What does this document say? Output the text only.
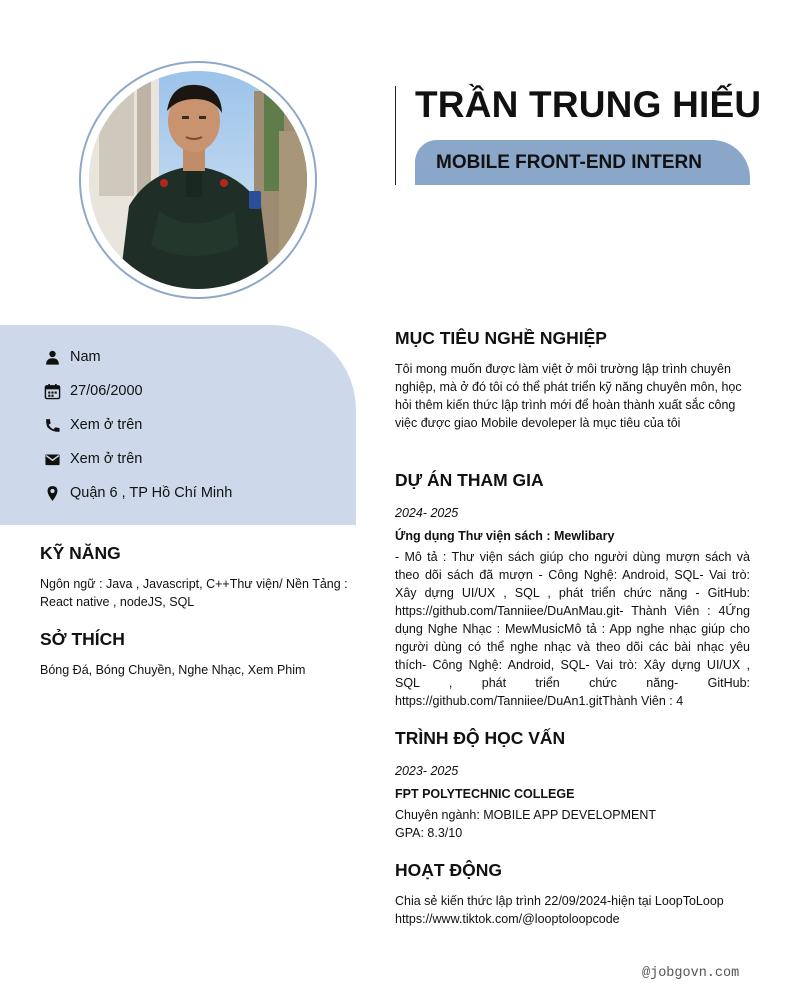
TRẦN TRUNG HIẾU
MOBILE FRONT-END INTERN
Nam
27/06/2000
Xem ở trên
Xem ở trên
Quận 6 , TP Hồ Chí Minh
KỸ NĂNG
Ngôn ngữ : Java , Javascript, C++Thư viện/ Nền Tảng : React native , nodeJS, SQL
SỞ THÍCH
Bóng Đá, Bóng Chuyền, Nghe Nhạc, Xem Phim
MỤC TIÊU NGHỀ NGHIỆP
Tôi mong muốn được làm việt ở môi trường lập trình chuyên nghiệp, mà ở đó tôi có thể phát triển kỹ năng chuyên môn, học hỏi thêm kiến thức lập trình mới để hoàn thành xuất sắc công việc được giao Mobile devoleper là mục tiêu của tôi
DỰ ÁN THAM GIA
2024- 2025
Ứng dụng Thư viện sách : Mewlibary
- Mô tả : Thư viện sách giúp cho người dùng mượn sách và theo dõi sách đã mượn - Công Nghệ: Android, SQL- Vai trò: Xây dựng UI/UX , SQL , phát triển chức năng - GitHub: https://github.com/Tanniiee/DuAnMau.git- Thành Viên : 4Ứng dụng Nghe Nhạc : MewMusicMô tả : App nghe nhạc giúp cho người dùng có thể nghe nhạc và theo dõi các bài nhạc yêu thích- Công Nghệ: Android, SQL- Vai trò: Xây dựng UI/UX , SQL , phát triển chức năng- GitHub: https://github.com/Tanniiee/DuAn1.gitThành Viên : 4
TRÌNH ĐỘ HỌC VẤN
2023- 2025
FPT POLYTECHNIC COLLEGE
Chuyên ngành: MOBILE APP DEVELOPMENT
GPA: 8.3/10
HOẠT ĐỘNG
Chia sẻ kiến thức lập trình 22/09/2024-hiện tại LoopToLoop https://www.tiktok.com/@looptoloopcode
@jobgovn.com
